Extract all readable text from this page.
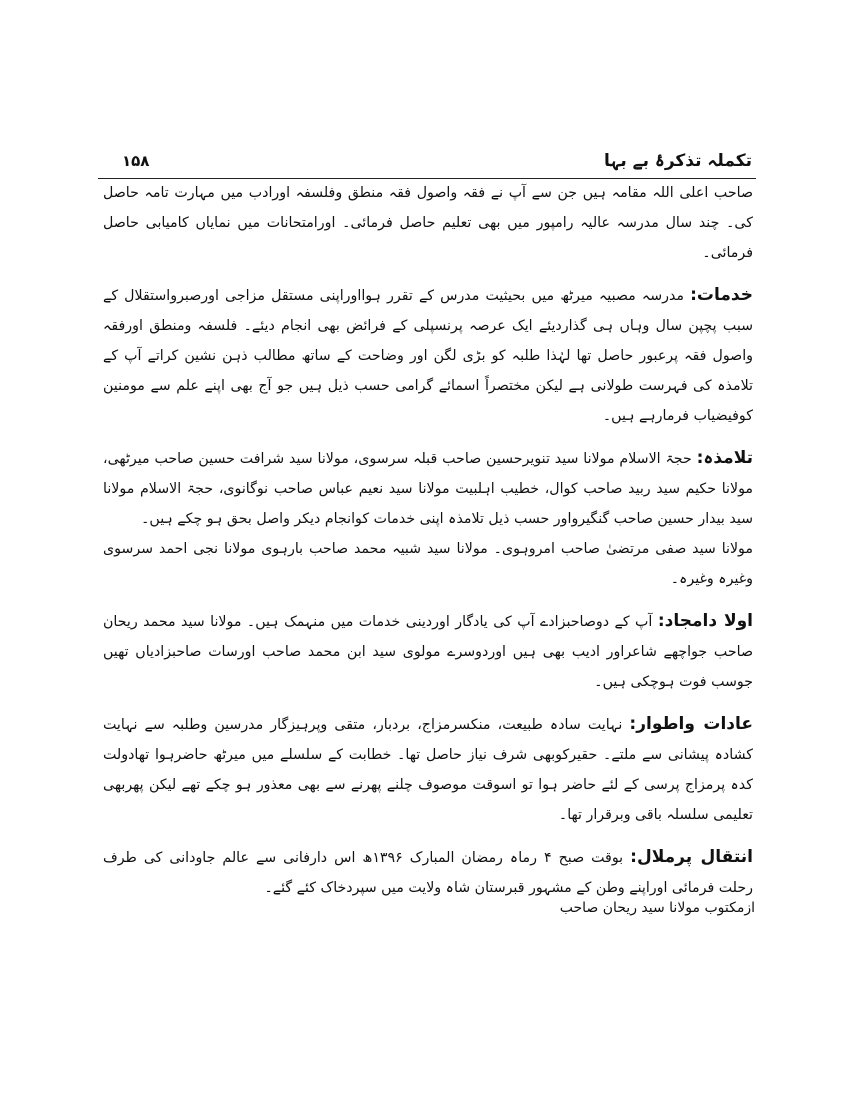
۱۵۸	تکملہ تذکرۂ بے بہا

صاحب اعلی اللہ مقامہ ہیں جن سے آپ نے فقہ واصول فقہ منطق وفلسفہ اورادب میں مہارت تامہ حاصل کی۔ چند سال مدرسہ عالیہ رامپور میں بھی تعلیم حاصل فرمائی۔ اورامتحانات میں نمایاں کامیابی حاصل فرمائی۔

خدمات: مدرسہ مصبیہ میرٹھ میں بحیثیت مدرس کے تقرر ہوااوراپنی مستقل مزاجی اورصبرواستقلال کے سبب پچپن سال وہاں ہی گذاردیئے ایک عرصہ پرنسپلی کے فرائض بھی انجام دیئے۔ فلسفہ ومنطق اورفقہ واصول فقہ پرعبور حاصل تھا لہٰذا طلبہ کو بڑی لگن اور وضاحت کے ساتھ مطالب ذہن نشین کراتے آپ کے تلامذہ کی فہرست طولانی ہے لیکن مختصراً اسمائے گرامی حسب ذیل ہیں جو آج بھی اپنے علم سے مومنین کوفیضیاب فرمارہے ہیں۔

تلامذہ: حجۃ الاسلام مولانا سید تنویرحسین صاحب قبلہ سرسوی، مولانا سید شرافت حسین صاحب میرٹھی، مولانا حکیم سید ربید صاحب کوال، خطیب اہلبیت مولانا سید نعیم عباس صاحب نوگانوی، حجۃ الاسلام مولانا سید بیدار حسین صاحب گنگیرواور حسب ذیل تلامذہ اپنی خدمات کوانجام دیکر واصل بحق ہو چکے ہیں۔

مولانا سید صفی مرتضیٰ صاحب امروہوی۔ مولانا سید شبیہ محمد صاحب بارہوی مولانا نجی احمد سرسوی وغیرہ وغیرہ۔

اولا دامجاد: آپ کے دوصاحبزادے آپ کی یادگار اوردینی خدمات میں منہمک ہیں۔ مولانا سید محمد ریحان صاحب جواچھے شاعراور ادیب بھی ہیں اوردوسرے مولوی سید ابن محمد صاحب اورسات صاحبزادیاں تھیں جوسب فوت ہوچکی ہیں۔

عادات واطوار: نہایت سادہ طبیعت، منکسرمزاج، بردبار، متقی وپرہیزگار مدرسین وطلبہ سے نہایت کشادہ پیشانی سے ملتے۔ حقیرکوبھی شرف نیاز حاصل تھا۔ خطابت کے سلسلے میں میرٹھ حاضرہوا تھادولت کدہ پرمزاج پرسی کے لئے حاضر ہوا تو اسوقت موصوف چلنے پھرنے سے بھی معذور ہو چکے تھے لیکن پھربھی تعلیمی سلسلہ باقی وبرقرار تھا۔

انتقال پرملال: بوقت صبح ۴ رماہ رمضان المبارک ۱۳۹۶ھ اس دارفانی سے عالم جاودانی کی طرف رحلت فرمائی اوراپنے وطن کے مشہور قبرستان شاہ ولایت میں سپردخاک کئے گئے۔

ازمکتوب مولانا سید ریحان صاحب
